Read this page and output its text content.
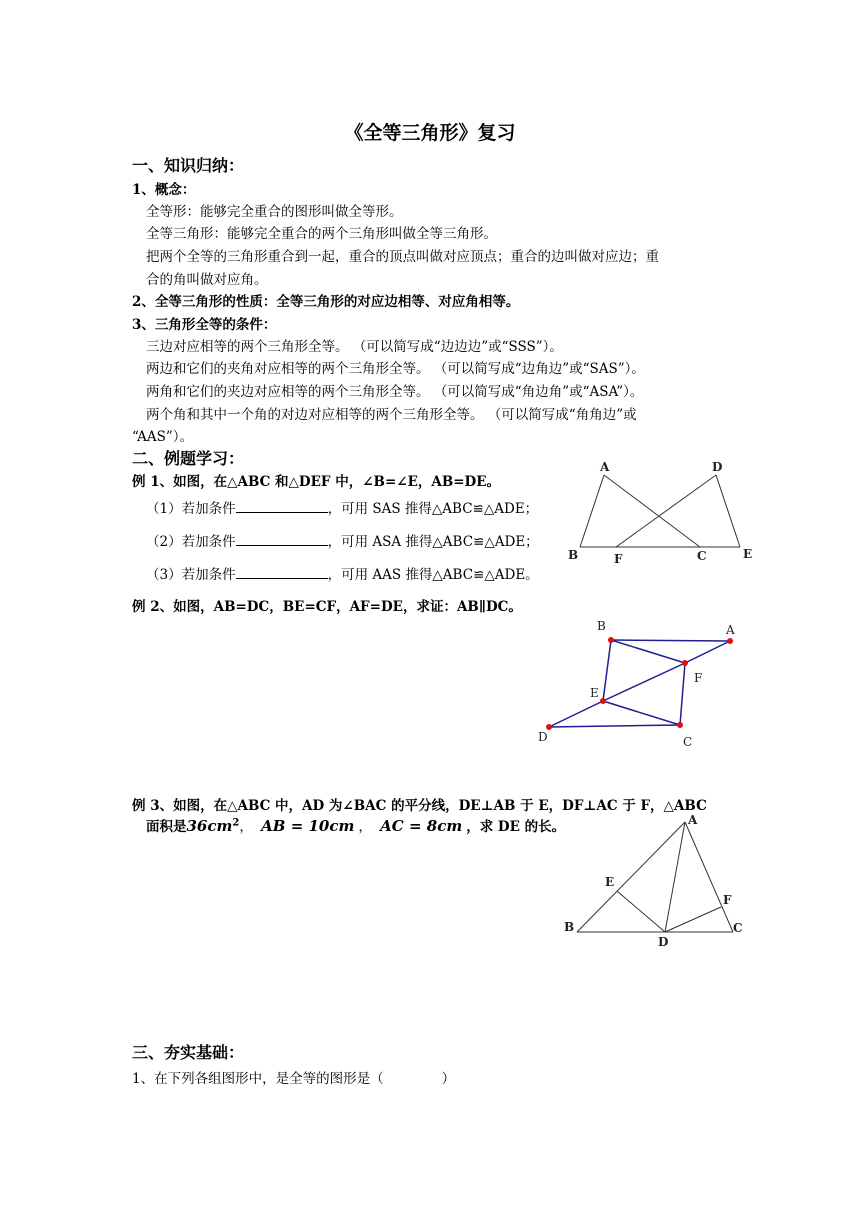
《全等三角形》复习
一、知识归纳：
1、概念：
全等形：能够完全重合的图形叫做全等形。
全等三角形：能够完全重合的两个三角形叫做全等三角形。
把两个全等的三角形重合到一起，重合的顶点叫做对应顶点；重合的边叫做对应边；重
合的角叫做对应角。
2、全等三角形的性质：全等三角形的对应边相等、对应角相等。
3、三角形全等的条件：
三边对应相等的两个三角形全等。 （可以简写成“边边边”或“SSS”）。
两边和它们的夹角对应相等的两个三角形全等。 （可以简写成“边角边”或“SAS”）。
两角和它们的夹边对应相等的两个三角形全等。 （可以简写成“角边角”或“ASA”）。
两个角和其中一个角的对边对应相等的两个三角形全等。 （可以简写成“角角边”或
“AAS”）。
二、例题学习：
例 1、如图，在△ABC 和△DEF 中，∠B=∠E，AB=DE。
（1）若加条件	，可用 SAS 推得△ABC≌△ADE；
（2）若加条件	，可用 ASA 推得△ABC≌△ADE；
（3）若加条件	，可用 AAS 推得△ABC≌△ADE。
A	D
B	F	C	E
例 2、如图，AB=DC，BE=CF，AF=DE，求证：AB∥DC。
B	A
F
E
D	C
例 3、如图，在△ABC 中，AD 为∠BAC 的平分线，DE⊥AB 于 E，DF⊥AC 于 F，△ABC
面积是$36cm^2$， AB = 10cm ， AC = 8cm ，求 DE 的长。	A
E
F
B
D
C
三、夯实基础：
1、在下列各组图形中，是全等的图形是（	）
